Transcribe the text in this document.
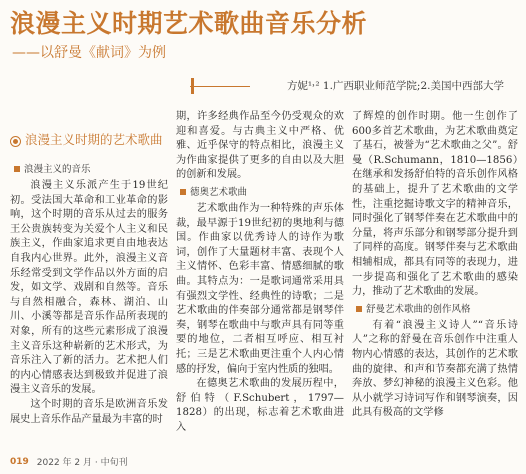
浪漫主义时期艺术歌曲音乐分析
——以舒曼《献词》为例
方妮¹˒² 1.广西职业师范学院;2.美国中西部大学
浪漫主义时期的艺术歌曲
浪漫主义的音乐

浪漫主义乐派产生于19世纪初。受法国大革命和工业革命的影响，这个时期的音乐从过去的服务王公贵族转变为关爱个人主义和民族主义，作曲家追求更自由地表达自我内心世界。此外，浪漫主义音乐经常受到文学作品以外方面的启发，如文学、戏剧和自然等。音乐与自然相融合，森林、湖泊、山川、小溪等都是音乐作品所表现的对象，所有的这些元素形成了浪漫主义音乐这种崭新的艺术形式，为音乐注入了新的活力。艺术把人们的内心情感表达到极致并促进了浪漫主义音乐的发展。

这个时期的音乐是欧洲音乐发展史上音乐作品产量最为丰富的时

期，许多经典作品至今仍受观众的欢迎和喜爱。与古典主义中严格、优雅、近乎保守的特点相比，浪漫主义为作曲家提供了更多的自由以及大胆的创新和发展。

德奥艺术歌曲

艺术歌曲作为一种特殊的声乐体裁，最早源于19世纪初的奥地利与德国。作曲家以优秀诗人的诗作为歌词，创作了大量题材丰富、表现个人主义情怀、色彩丰富、情感细腻的歌曲。其特点为：一是歌词通常采用具有强烈文学性、经典性的诗歌；二是艺术歌曲的伴奏部分通常都是钢琴伴奏，钢琴在歌曲中与歌声具有同等重要的地位，二者相互呼应、相互衬托；三是艺术歌曲更注重个人内心情感的抒发，偏向于室内性质的独唱。

在德奥艺术歌曲的发展历程中，舒伯特（F.Schubert，1797—1828）的出现，标志着艺术歌曲进入

了辉煌的创作时期。他一生创作了600多首艺术歌曲，为艺术歌曲奠定了基石，被誉为“艺术歌曲之父”。舒曼（R.Schumann，1810—1856）在继承和发扬舒伯特的音乐创作风格的基础上，提升了艺术歌曲的文学性，注重挖掘诗歌文字的精神音乐，同时强化了钢琴伴奏在艺术歌曲中的分量，将声乐部分和钢琴部分提升到了同样的高度。钢琴伴奏与艺术歌曲相辅相成，都具有同等的表现力，进一步提高和强化了艺术歌曲的感染力，推动了艺术歌曲的发展。

舒曼艺术歌曲的创作风格

有着“浪漫主义诗人”“音乐诗人”之称的舒曼在音乐创作中注重人物内心情感的表达，其创作的艺术歌曲的旋律、和声和节奏都充满了热情奔放、梦幻神秘的浪漫主义色彩。他从小就学习诗词写作和钢琴演奏，因此具有极高的文学修

019 2022 年 2 月 · 中旬刊
